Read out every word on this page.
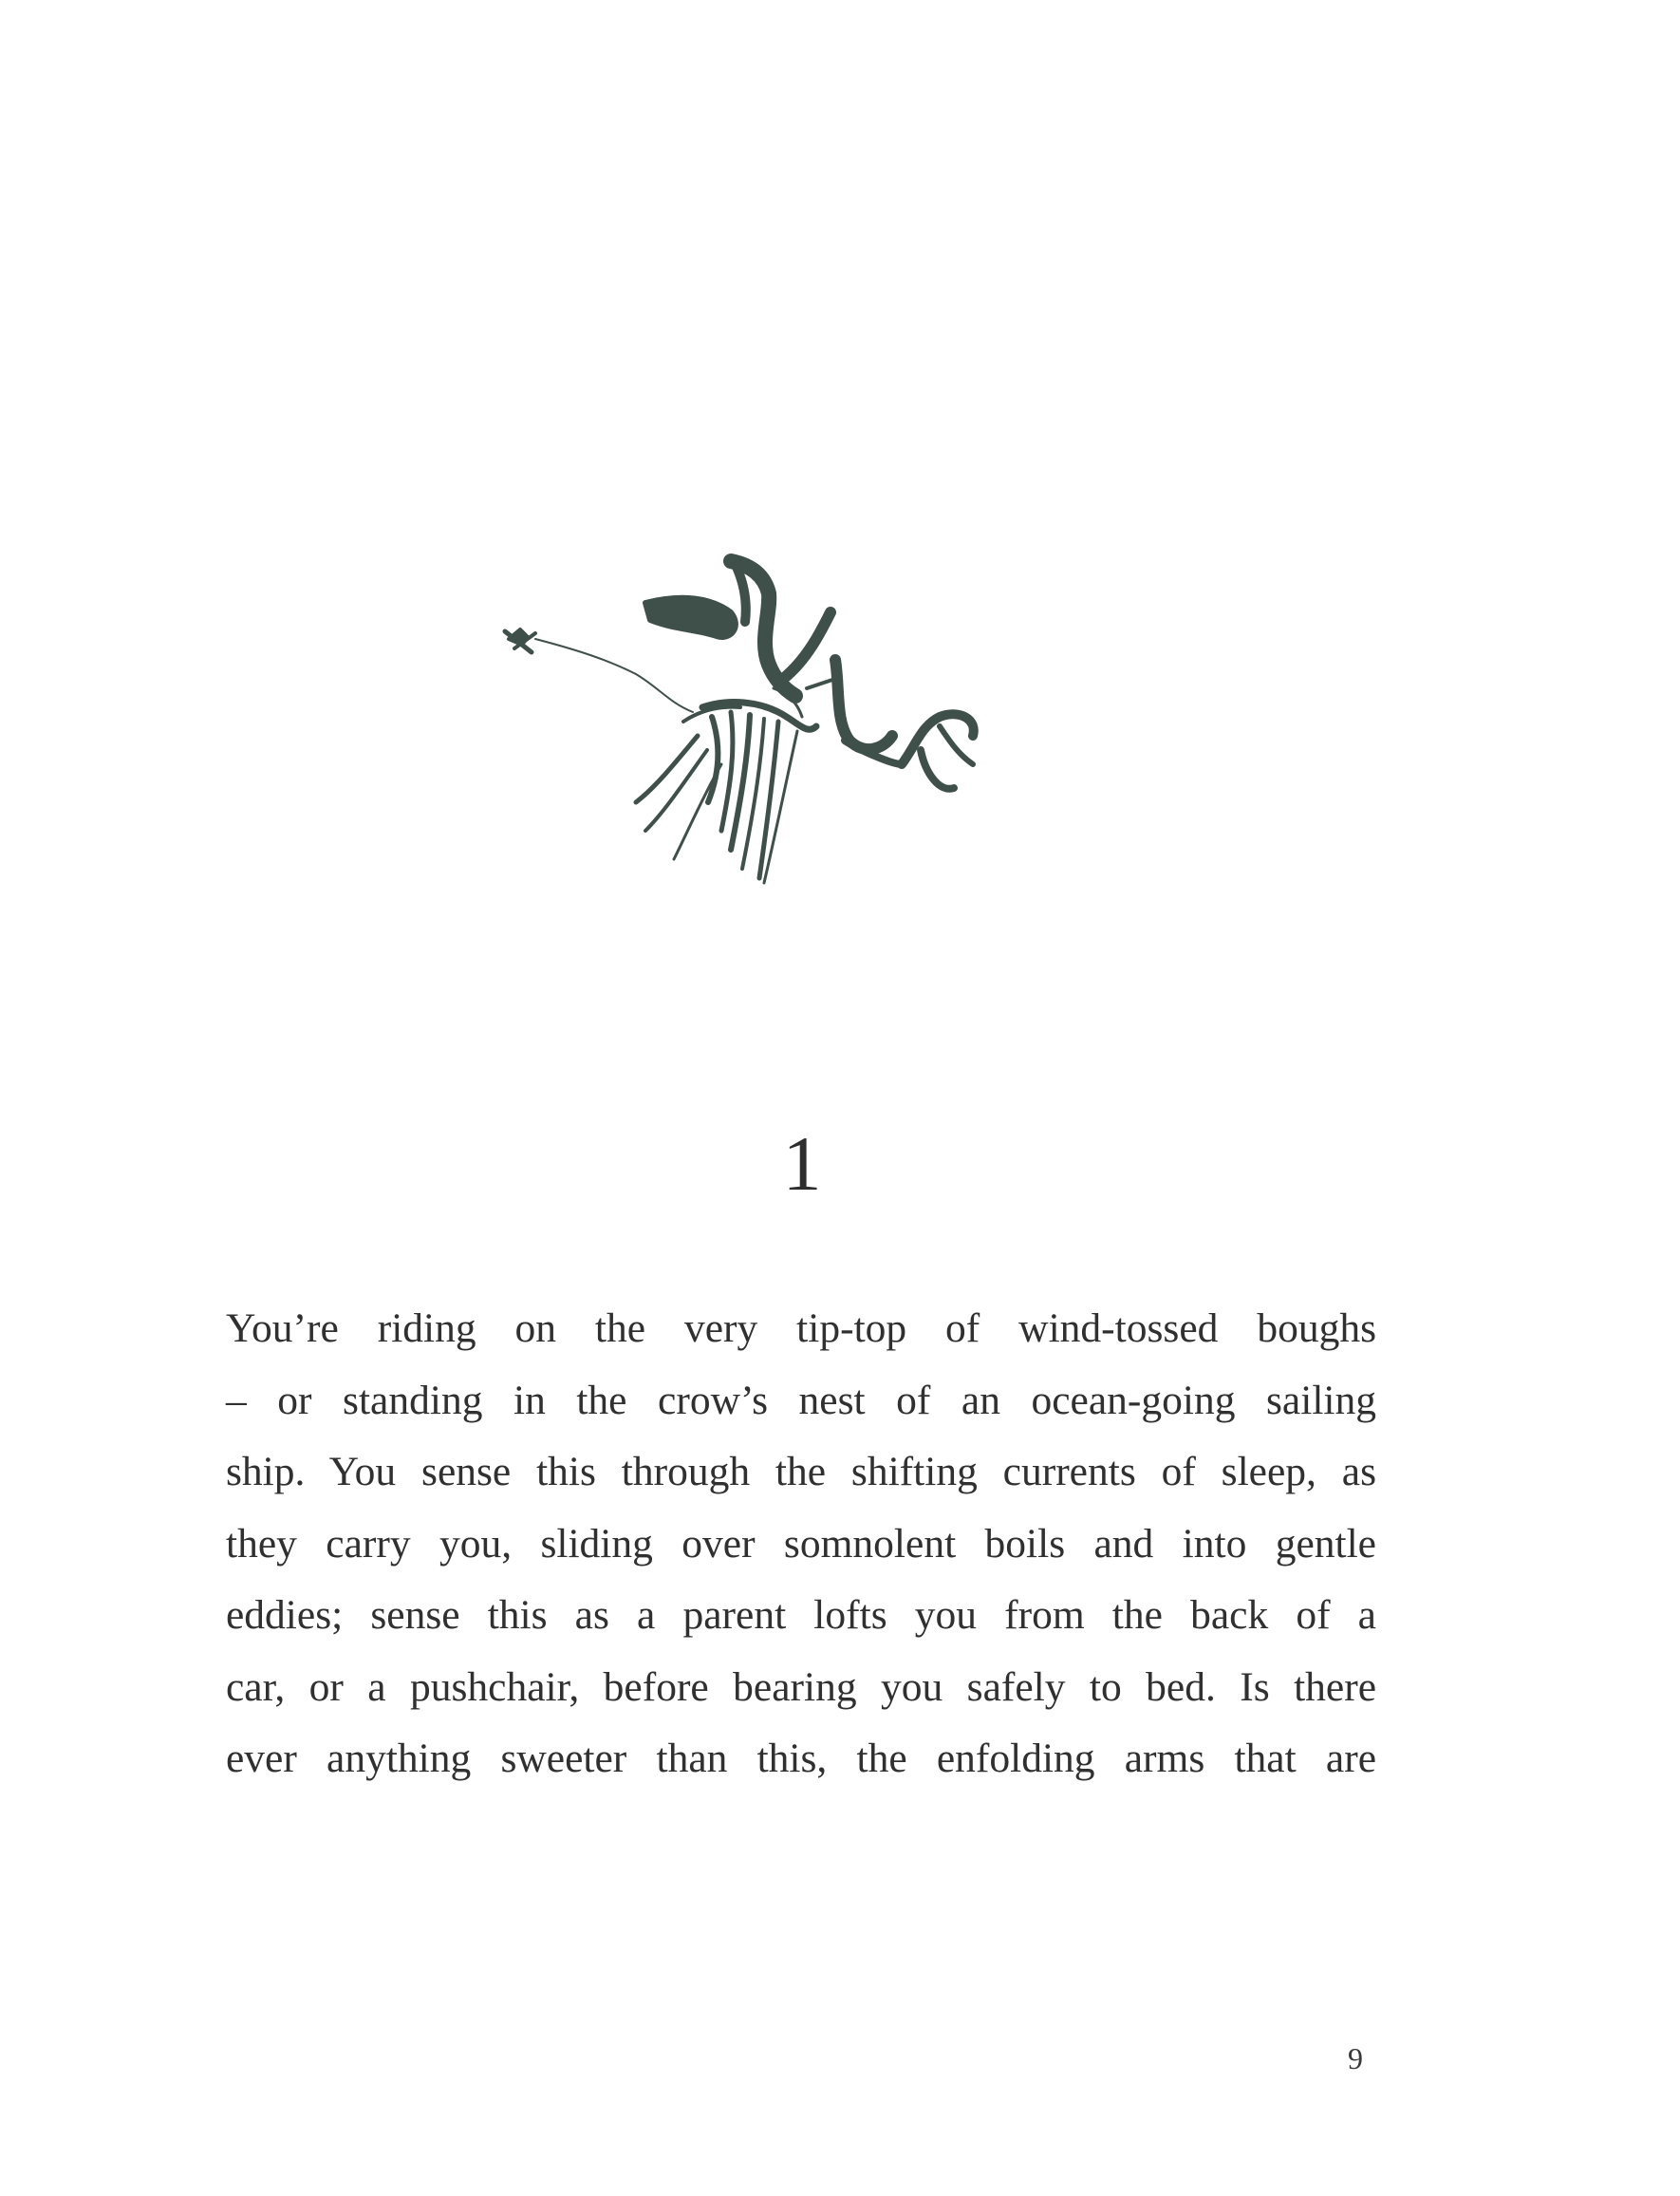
1
You’re riding on the very tip-top of wind-tossed boughs
– or standing in the crow’s nest of an ocean-going sailing
ship. You sense this through the shifting currents of sleep, as
they carry you, sliding over somnolent boils and into gentle
eddies; sense this as a parent lofts you from the back of a
car, or a pushchair, before bearing you safely to bed. Is there
ever anything sweeter than this, the enfolding arms that are
9
